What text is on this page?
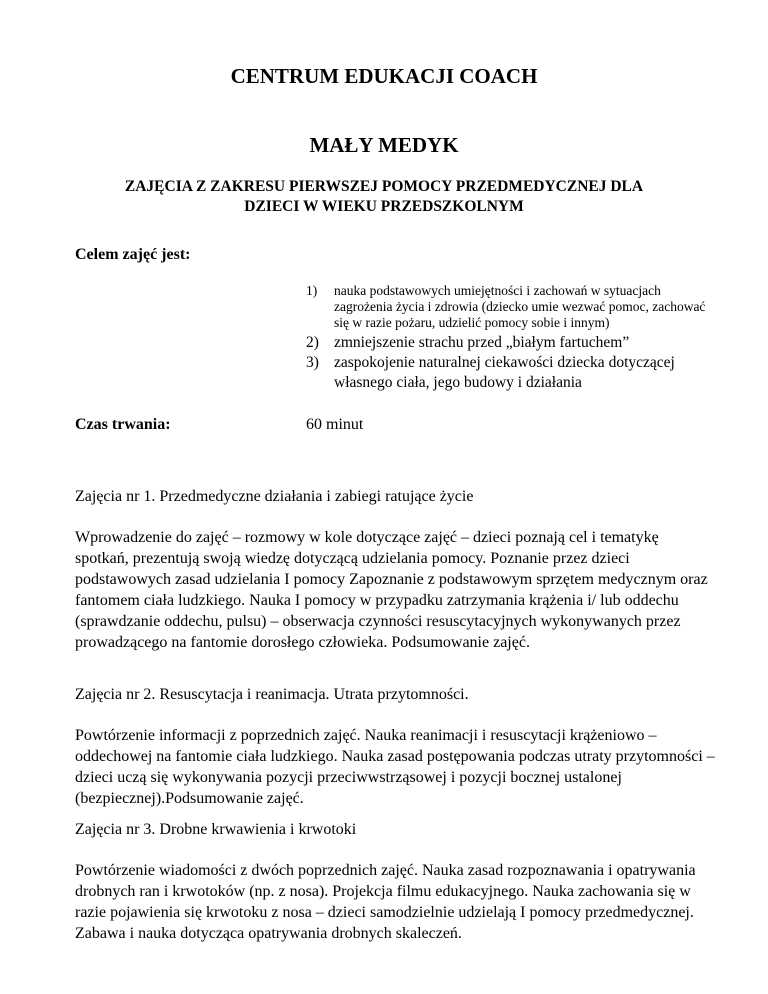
CENTRUM EDUKACJI COACH
MAŁY MEDYK
ZAJĘCIA Z ZAKRESU PIERWSZEJ POMOCY PRZEDMEDYCZNEJ DLA
DZIECI W WIEKU PRZEDSZKOLNYM
Celem zajęć jest:
1) nauka podstawowych umiejętności i zachowań w sytuacjach zagrożenia życia i zdrowia (dziecko umie wezwać pomoc, zachować się w razie pożaru, udzielić pomocy sobie i innym)
2) zmniejszenie strachu przed „białym fartuchem”
3) zaspokojenie naturalnej ciekawości dziecka dotyczącej własnego ciała, jego budowy i działania
Czas trwania:	60 minut

Zajęcia nr 1. Przedmedyczne działania i zabiegi ratujące życie

Wprowadzenie do zajęć – rozmowy w kole dotyczące zajęć – dzieci poznają cel i tematykę spotkań, prezentują swoją wiedzę dotyczącą udzielania pomocy. Poznanie przez dzieci podstawowych zasad udzielania I pomocy Zapoznanie z podstawowym sprzętem medycznym oraz fantomem ciała ludzkiego. Nauka I pomocy w przypadku zatrzymania krążenia i/ lub oddechu (sprawdzanie oddechu, pulsu) – obserwacja czynności resuscytacyjnych wykonywanych przez prowadzącego na fantomie dorosłego człowieka. Podsumowanie zajęć.

Zajęcia nr 2. Resuscytacja i reanimacja. Utrata przytomności.

Powtórzenie informacji z poprzednich zajęć. Nauka reanimacji i resuscytacji krążeniowo – oddechowej na fantomie ciała ludzkiego. Nauka zasad postępowania podczas utraty przytomności – dzieci uczą się wykonywania pozycji przeciwwstrząsowej i pozycji bocznej ustalonej (bezpiecznej).Podsumowanie zajęć.

Zajęcia nr 3. Drobne krwawienia i krwotoki

Powtórzenie wiadomości z dwóch poprzednich zajęć. Nauka zasad rozpoznawania i opatrywania drobnych ran i krwotoków (np. z nosa). Projekcja filmu edukacyjnego. Nauka zachowania się w razie pojawienia się krwotoku z nosa – dzieci samodzielnie udzielają I pomocy przedmedycznej. Zabawa i nauka dotycząca opatrywania drobnych skaleczeń.
